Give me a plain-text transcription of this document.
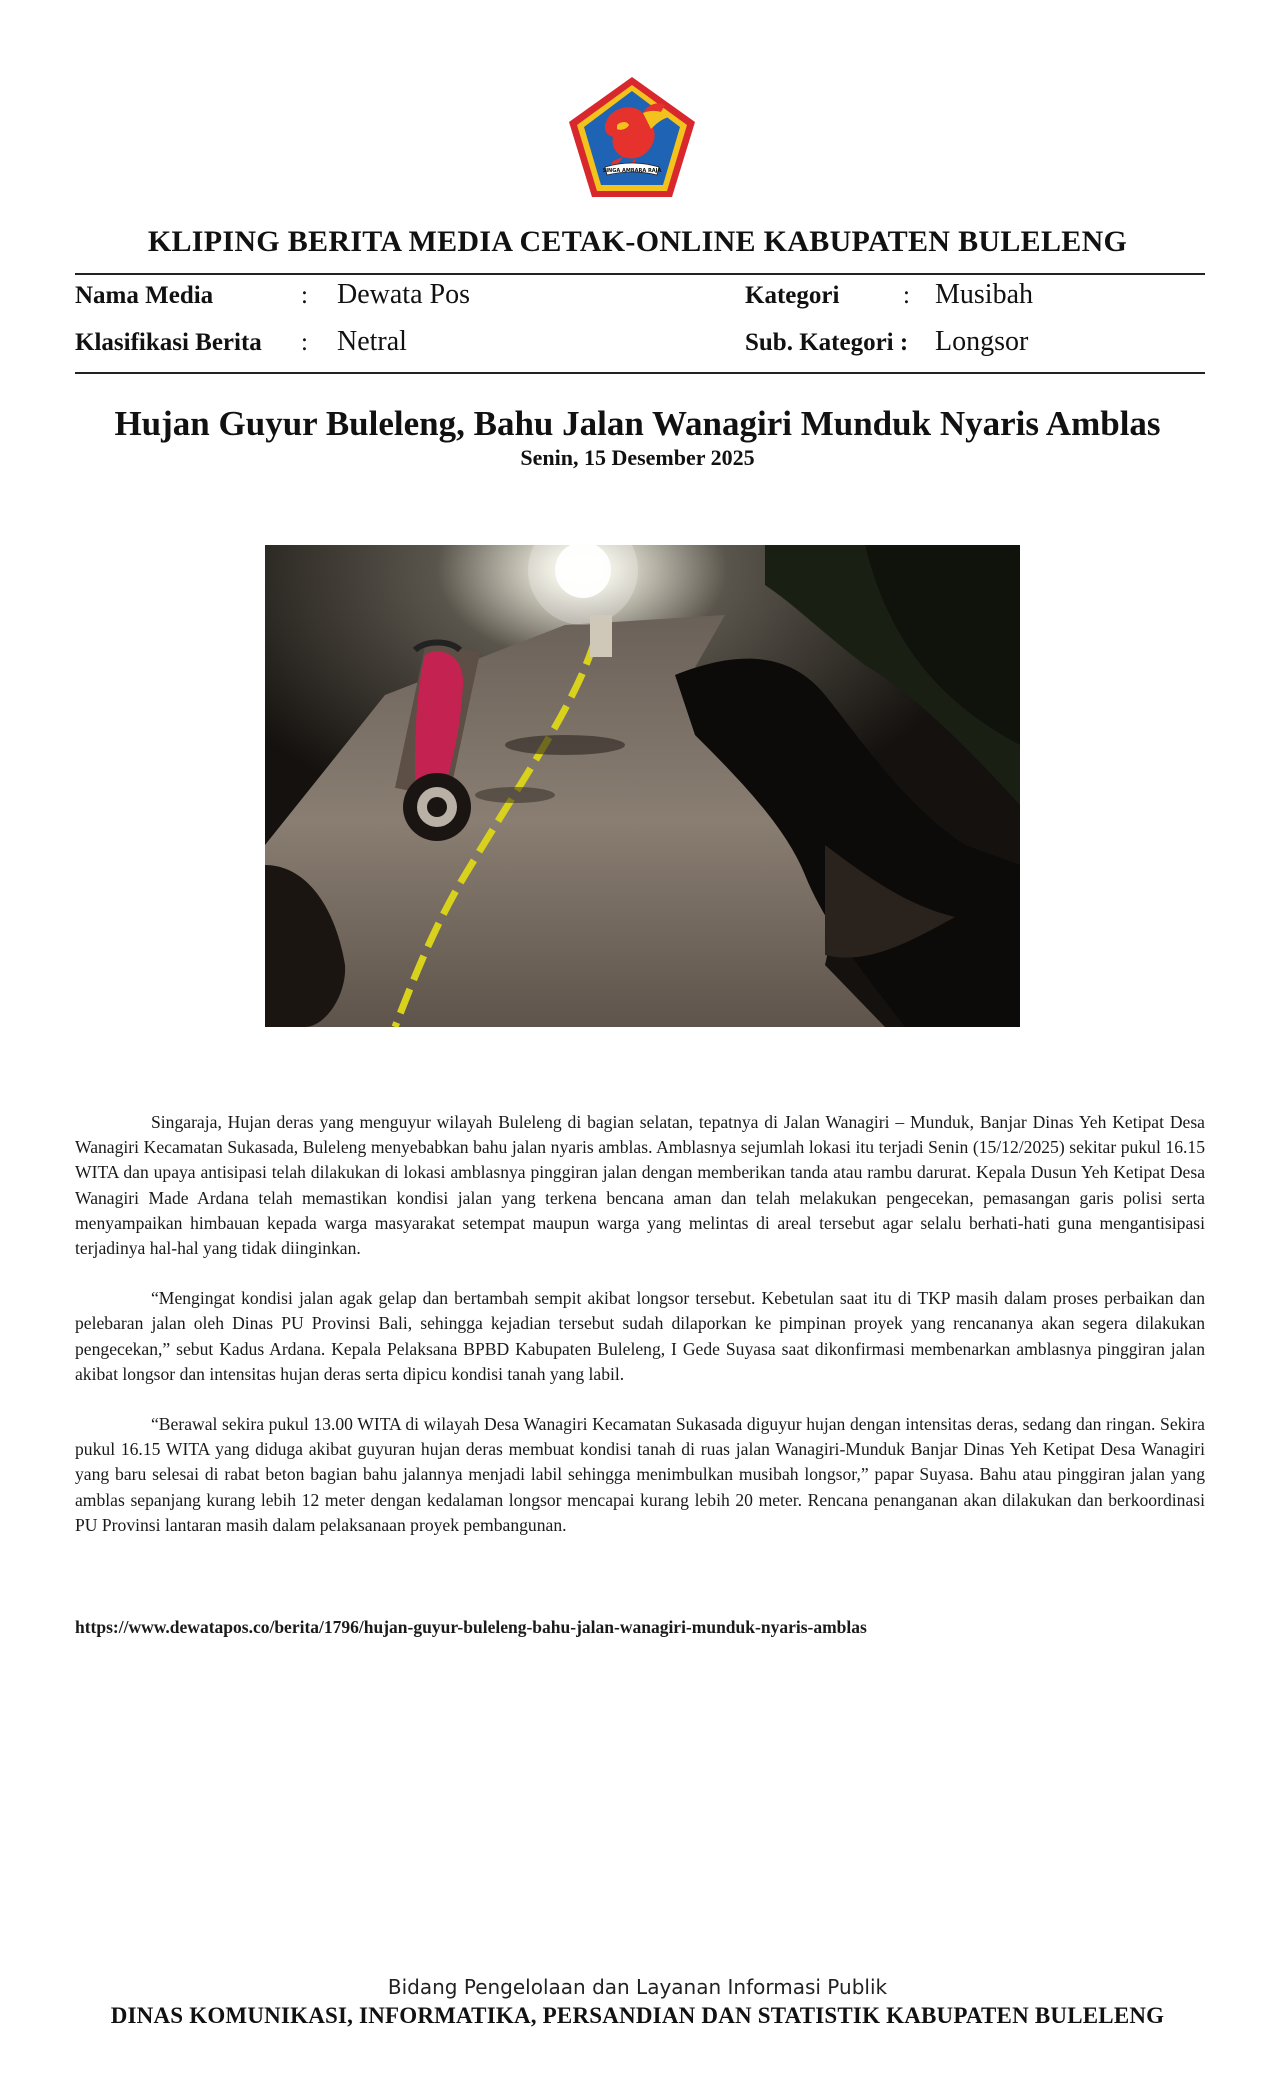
SINGA AMBARA RAJA
KLIPING BERITA MEDIA CETAK-ONLINE KABUPATEN BULELENG
Nama Media	: Dewata Pos	Kategori	: Musibah
Klasifikasi Berita : Netral	Sub. Kategori : Longsor
Hujan Guyur Buleleng, Bahu Jalan Wanagiri Munduk Nyaris Amblas
Senin, 15 Desember 2025

Singaraja, Hujan deras yang menguyur wilayah Buleleng di bagian selatan, tepatnya di Jalan Wanagiri – Munduk, Banjar Dinas Yeh Ketipat Desa Wanagiri Kecamatan Sukasada, Buleleng menyebabkan bahu jalan nyaris amblas. Amblasnya sejumlah lokasi itu terjadi Senin (15/12/2025) sekitar pukul 16.15 WITA dan upaya antisipasi telah dilakukan di lokasi amblasnya pinggiran jalan dengan memberikan tanda atau rambu darurat. Kepala Dusun Yeh Ketipat Desa Wanagiri Made Ardana telah memastikan kondisi jalan yang terkena bencana aman dan telah melakukan pengecekan, pemasangan garis polisi serta menyampaikan himbauan kepada warga masyarakat setempat maupun warga yang melintas di areal tersebut agar selalu berhati-hati guna mengantisipasi terjadinya hal-hal yang tidak diinginkan.

“Mengingat kondisi jalan agak gelap dan bertambah sempit akibat longsor tersebut. Kebetulan saat itu di TKP masih dalam proses perbaikan dan pelebaran jalan oleh Dinas PU Provinsi Bali, sehingga kejadian tersebut sudah dilaporkan ke pimpinan proyek yang rencananya akan segera dilakukan pengecekan,” sebut Kadus Ardana. Kepala Pelaksana BPBD Kabupaten Buleleng, I Gede Suyasa saat dikonfirmasi membenarkan amblasnya pinggiran jalan akibat longsor dan intensitas hujan deras serta dipicu kondisi tanah yang labil.

“Berawal sekira pukul 13.00 WITA di wilayah Desa Wanagiri Kecamatan Sukasada diguyur hujan dengan intensitas deras, sedang dan ringan. Sekira pukul 16.15 WITA yang diduga akibat guyuran hujan deras membuat kondisi tanah di ruas jalan Wanagiri-Munduk Banjar Dinas Yeh Ketipat Desa Wanagiri yang baru selesai di rabat beton bagian bahu jalannya menjadi labil sehingga menimbulkan musibah longsor,” papar Suyasa. Bahu atau pinggiran jalan yang amblas sepanjang kurang lebih 12 meter dengan kedalaman longsor mencapai kurang lebih 20 meter. Rencana penanganan akan dilakukan dan berkoordinasi PU Provinsi lantaran masih dalam pelaksanaan proyek pembangunan.

https://www.dewatapos.co/berita/1796/hujan-guyur-buleleng-bahu-jalan-wanagiri-munduk-nyaris-amblas
Bidang Pengelolaan dan Layanan Informasi Publik
DINAS KOMUNIKASI, INFORMATIKA, PERSANDIAN DAN STATISTIK KABUPATEN BULELENG
